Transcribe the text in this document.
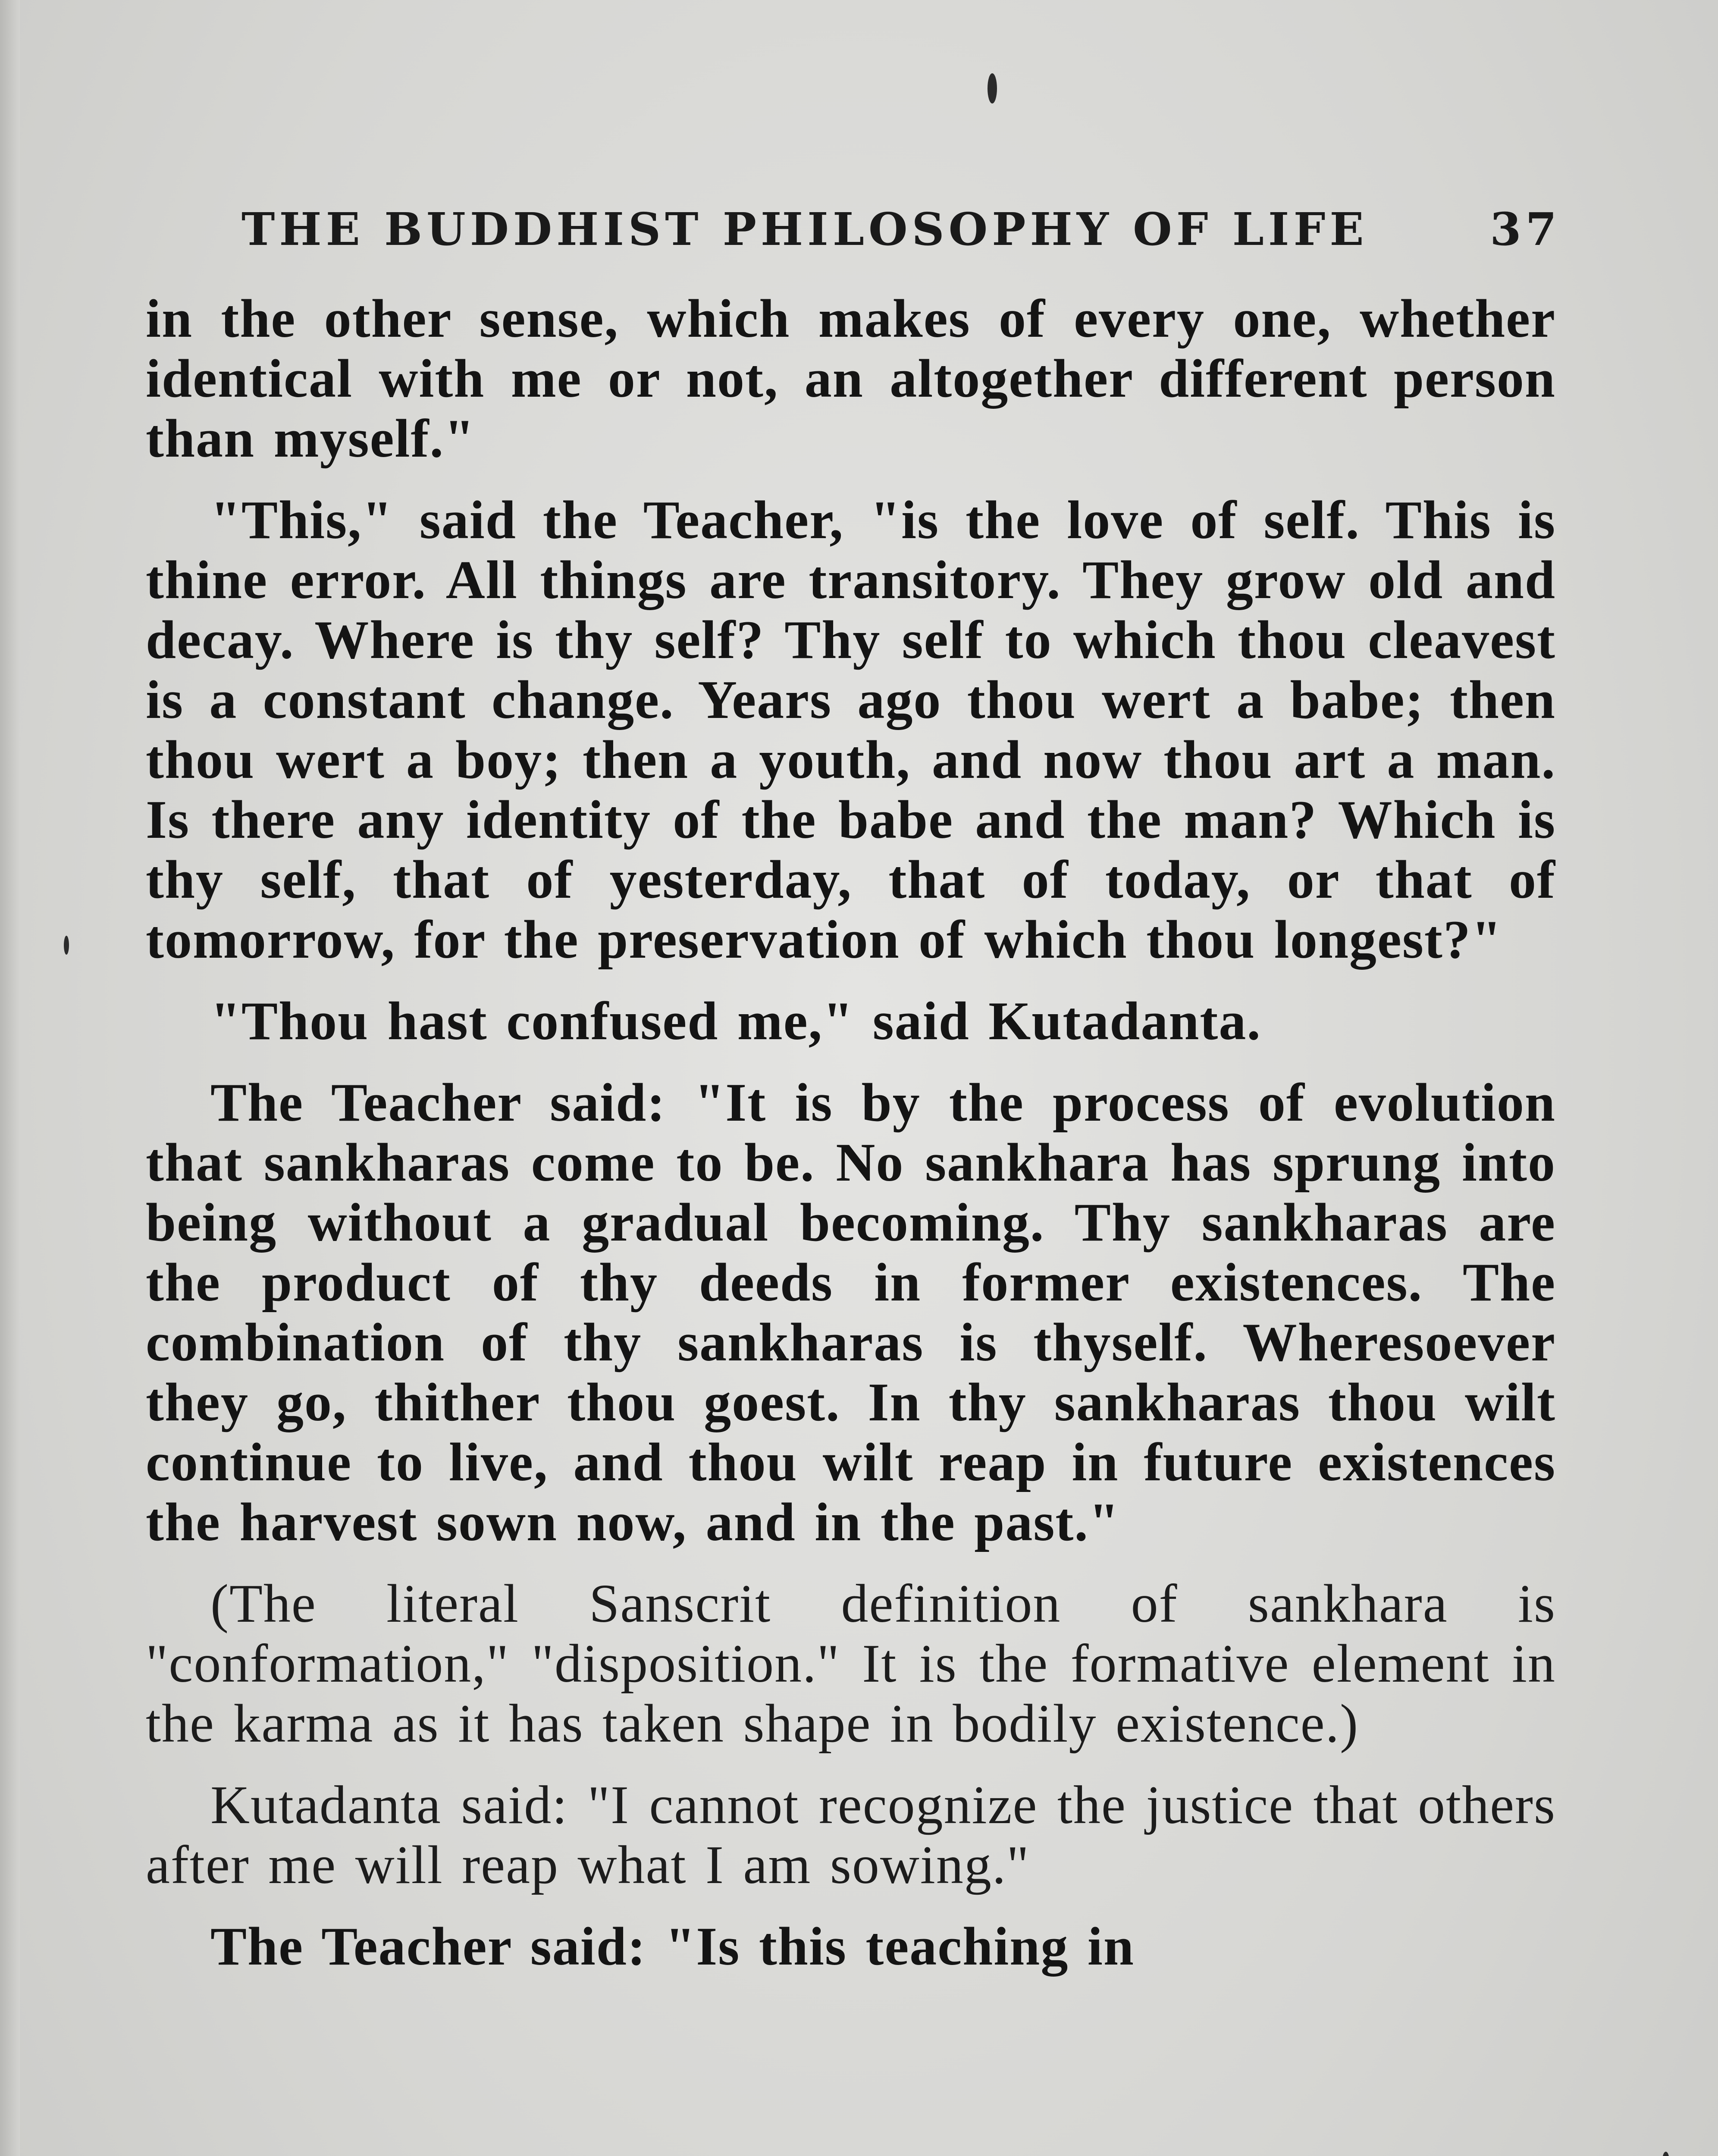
THE BUDDHIST PHILOSOPHY OF LIFE	37

in the other sense, which makes of every one, whether identical with me or not, an altogether different person than myself."

"This," said the Teacher, "is the love of self. This is thine error. All things are transitory. They grow old and decay. Where is thy self? Thy self to which thou cleavest is a constant change. Years ago thou wert a babe; then thou wert a boy; then a youth, and now thou art a man. Is there any identity of the babe and the man? Which is thy self, that of yesterday, that of today, or that of tomorrow, for the preservation of which thou longest?"

"Thou hast confused me," said Kutadanta.

The Teacher said: "It is by the process of evolution that sankharas come to be. No sankhara has sprung into being without a gradual becoming. Thy sankharas are the product of thy deeds in former existences. The combination of thy sankharas is thyself. Wheresoever they go, thither thou goest. In thy sankharas thou wilt continue to live, and thou wilt reap in future existences the harvest sown now, and in the past."

(The literal Sanscrit definition of sankhara is "conformation," "disposition." It is the formative element in the karma as it has taken shape in bodily existence.)

Kutadanta said: "I cannot recognize the justice that others after me will reap what I am sowing."

The Teacher said: "Is this teaching in
